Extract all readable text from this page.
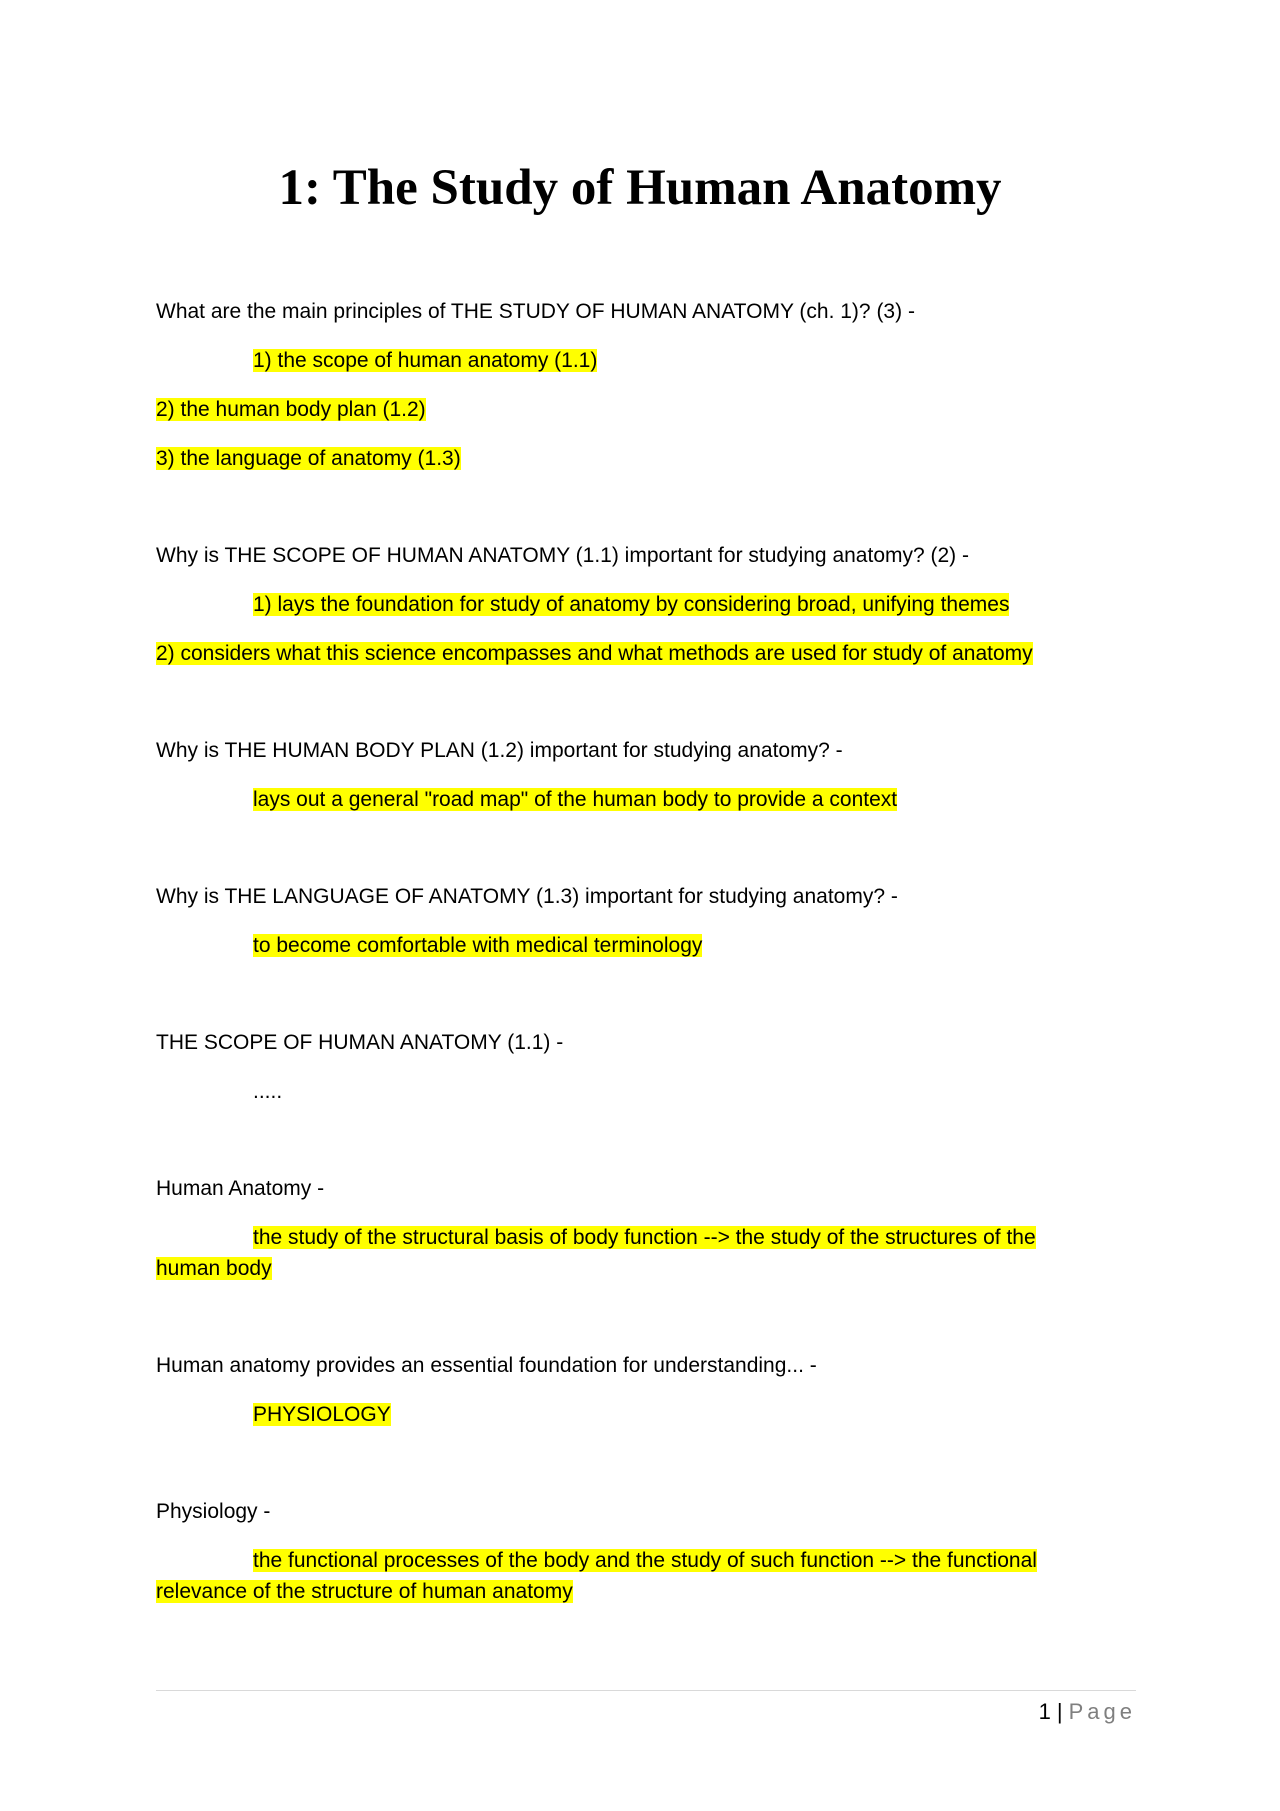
1: The Study of Human Anatomy

What are the main principles of THE STUDY OF HUMAN ANATOMY (ch. 1)? (3) -

1) the scope of human anatomy (1.1)

2) the human body plan (1.2)

3) the language of anatomy (1.3)

Why is THE SCOPE OF HUMAN ANATOMY (1.1) important for studying anatomy? (2) -

1) lays the foundation for study of anatomy by considering broad, unifying themes

2) considers what this science encompasses and what methods are used for study of anatomy

Why is THE HUMAN BODY PLAN (1.2) important for studying anatomy? -

lays out a general "road map" of the human body to provide a context

Why is THE LANGUAGE OF ANATOMY (1.3) important for studying anatomy? -

to become comfortable with medical terminology

THE SCOPE OF HUMAN ANATOMY (1.1) -

.....

Human Anatomy -

the study of the structural basis of body function --> the study of the structures of the human body

Human anatomy provides an essential foundation for understanding... -

PHYSIOLOGY

Physiology -

the functional processes of the body and the study of such function --> the functional relevance of the structure of human anatomy

1 | Page
